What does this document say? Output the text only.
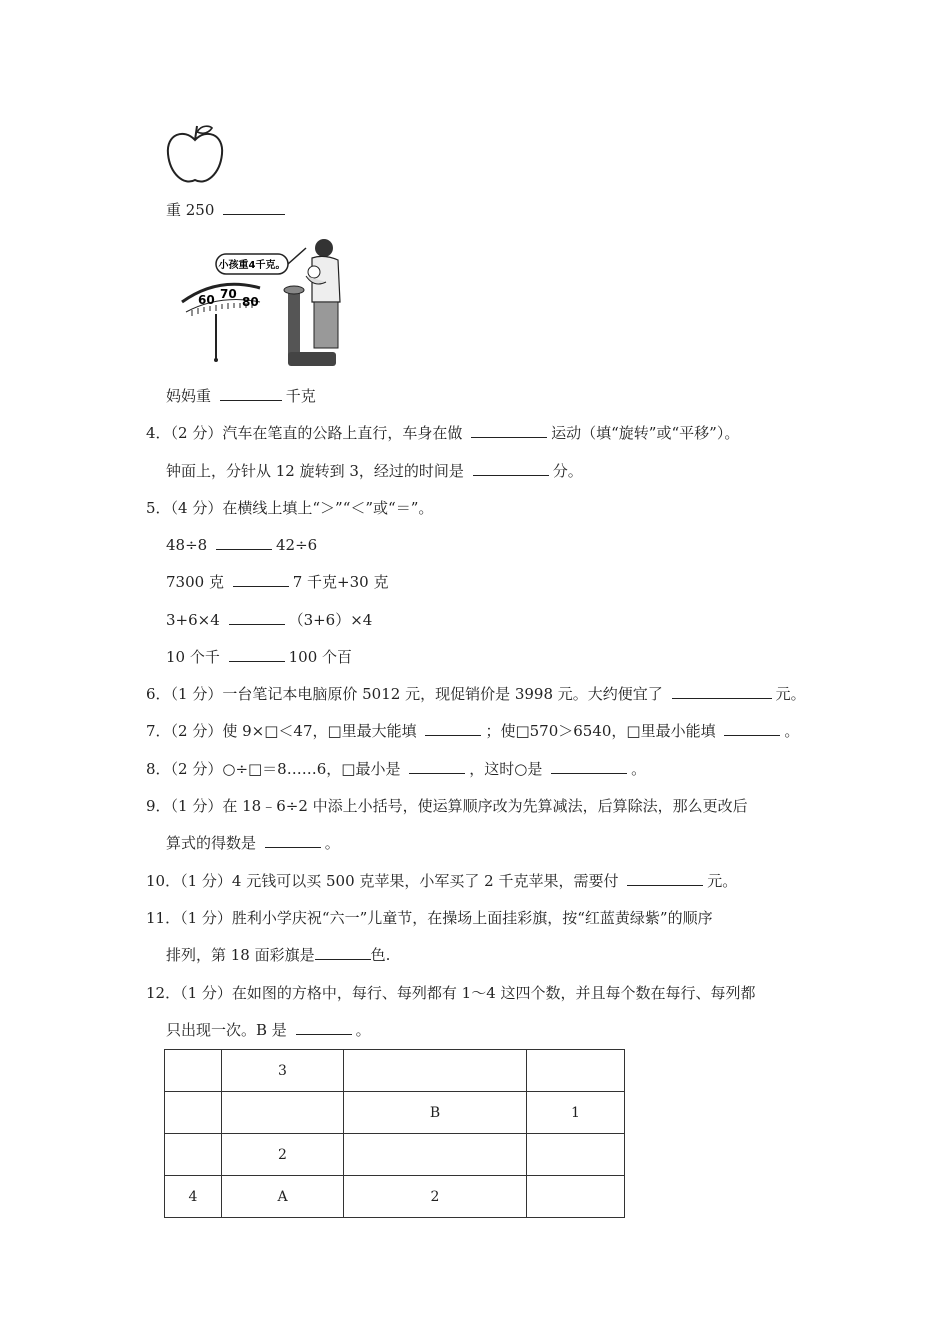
重 250
小孩重4千克。
60 70
80
妈妈重	千克
4．（2 分）汽车在笔直的公路上直行，车身在做	运动（填“旋转”或“平移”）。
钟面上，分针从 12 旋转到 3，经过的时间是	分。
5．（4 分）在横线上填上“＞”“＜”或“＝”。
48÷8	42÷6
7300 克	7 千克+30 克
3+6×4	（3+6）×4
10 个千	100 个百
6．（1 分）一台笔记本电脑原价 5012 元，现促销价是 3998 元。大约便宜了	元。
7．（2 分）使 9×□＜47，□里最大能填	；使□570＞6540，□里最小能填	。
8．（2 分）○÷□＝8……6，□最小是	，这时○是	。
9．（1 分）在 18﹣6÷2 中添上小括号，使运算顺序改为先算减法，后算除法，那么更改后
算式的得数是	。
10．（1 分）4 元钱可以买 500 克苹果，小军买了 2 千克苹果，需要付	元。
11．（1 分）胜利小学庆祝“六一”儿童节，在操场上面挂彩旗，按“红蓝黄绿紫”的顺序
排列，第 18 面彩旗是	色.
12．（1 分）在如图的方格中，每行、每列都有 1～4 这四个数，并且每个数在每行、每列都
只出现一次。B 是	。
	3		
		B	1
	2		
4	A	2	
